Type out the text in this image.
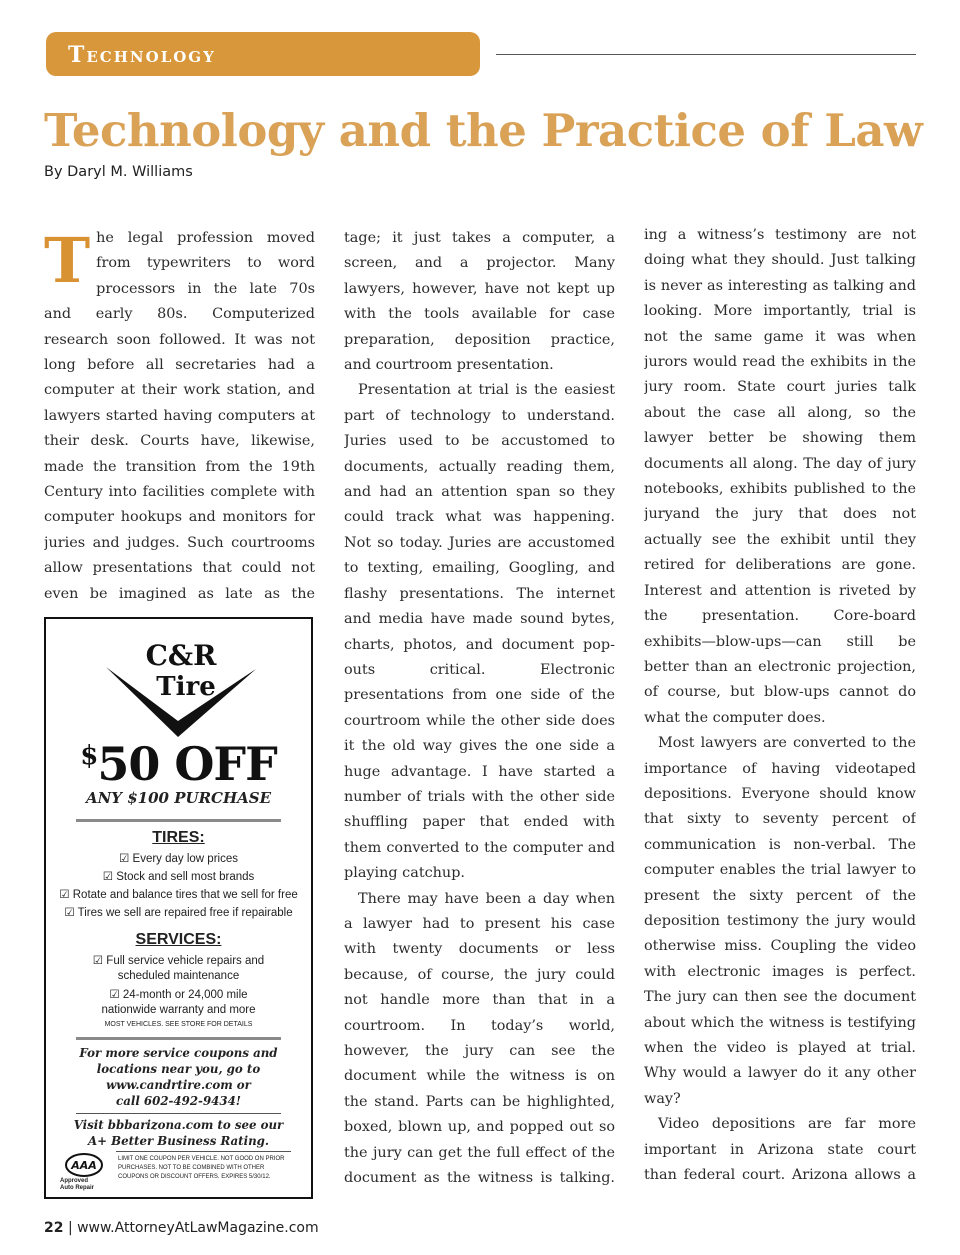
Technology
Technology and the Practice of Law
By Daryl M. Williams

The legal profession moved from typewriters to word processors in the late 70s and early 80s. Computerized research soon followed. It was not long before all secretaries had a computer at their work station, and lawyers started having computers at their desk. Courts have, likewise, made the transition from the 19th Century into facilities complete with computer hookups and monitors for juries and judges. Such courtrooms allow presentations that could not even be imagined as late as the

C&R
Tire
$50 OFF
ANY $100 PURCHASE
TIRES:
☑ Every day low prices
☑ Stock and sell most brands
☑ Rotate and balance tires that we sell for free
☑ Tires we sell are repaired free if repairable
SERVICES:
☑ Full service vehicle repairs and
scheduled maintenance
☑ 24-month or 24,000 mile
nationwide warranty and more
MOST VEHICLES. SEE STORE FOR DETAILS
For more service coupons and
locations near you, go to
www.candrtire.com or
call 602-492-9434!
Visit bbbarizona.com to see our
A+ Better Business Rating.
AAA
Approved
Auto Repair
LIMIT ONE COUPON PER VEHICLE. NOT GOOD ON PRIOR
PURCHASES. NOT TO BE COMBINED WITH OTHER
COUPONS OR DISCOUNT OFFERS. EXPIRES 5/30/12.

tage; it just takes a computer, a screen, and a projector. Many lawyers, however, have not kept up with the tools available for case preparation, deposition practice, and courtroom presentation.

Presentation at trial is the easiest part of technology to understand. Juries used to be accustomed to documents, actually reading them, and had an attention span so they could track what was happening. Not so today. Juries are accustomed to texting, emailing, Googling, and flashy presentations. The internet and media have made sound bytes, charts, photos, and document pop-outs critical. Electronic presentations from one side of the courtroom while the other side does it the old way gives the one side a huge advantage. I have started a number of trials with the other side shuffling paper that ended with them converted to the computer and playing catchup.

There may have been a day when a lawyer had to present his case with twenty documents or less because, of course, the jury could not handle more than that in a courtroom. In today’s world, however, the jury can see the document while the witness is on the stand. Parts can be highlighted, boxed, blown up, and popped out so the jury can get the full effect of the document as the witness is talking.

ing a witness’s testimony are not doing what they should. Just talking is never as interesting as talking and looking. More importantly, trial is not the same game it was when jurors would read the exhibits in the jury room. State court juries talk about the case all along, so the lawyer better be showing them documents all along. The day of jury notebooks, exhibits published to the juryand the jury that does not actually see the exhibit until they retired for deliberations are gone. Interest and attention is riveted by the presentation. Core-board exhibits—blow-ups—can still be better than an electronic projection, of course, but blow-ups cannot do what the computer does.

Most lawyers are converted to the importance of having videotaped depositions. Everyone should know that sixty to seventy percent of communication is non-verbal. The computer enables the trial lawyer to present the sixty percent of the deposition testimony the jury would otherwise miss. Coupling the video with electronic images is perfect. The jury can then see the document about which the witness is testifying when the video is played at trial. Why would a lawyer do it any other way?

Video depositions are far more important in Arizona state court than federal court. Arizona allows a

22 | www.AttorneyAtLawMagazine.com
